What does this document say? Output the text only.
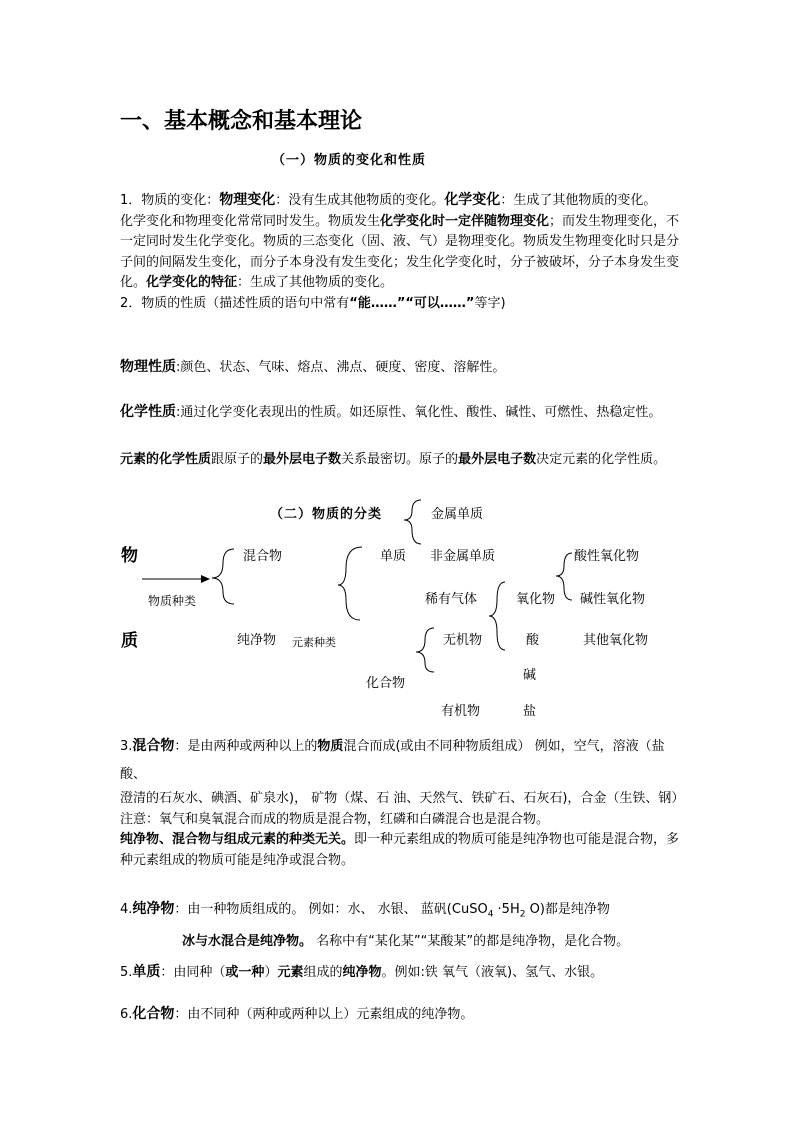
一、基本概念和基本理论
（一）物质的变化和性质

1．物质的变化：物理变化：没有生成其他物质的变化。化学变化：生成了其他物质的变化。

化学变化和物理变化常常同时发生。物质发生化学变化时一定伴随物理变化；而发生物理变化，不一定同时发生化学变化。物质的三态变化（固、液、气）是物理变化。物质发生物理变化时只是分子间的间隔发生变化，而分子本身没有发生变化；发生化学变化时，分子被破坏，分子本身发生变化。化学变化的特征：生成了其他物质的变化。

2．物质的性质（描述性质的语句中常有“能……”“可以……”等字)

物理性质:颜色、状态、气味、熔点、沸点、硬度、密度、溶解性。

化学性质:通过化学变化表现出的性质。如还原性、氧化性、酸性、碱性、可燃性、热稳定性。

元素的化学性质跟原子的最外层电子数关系最密切。原子的最外层电子数决定元素的化学性质。

（二）物质的分类
物
质
物质种类
混合物
纯净物 元素种类
单质
化合物
金属单质
非金属单质
稀有气体
无机物
有机物
氧化物
酸
碱
盐
酸性氧化物
碱性氧化物
其他氧化物

3.混合物：是由两种或两种以上的物质混合而成(或由不同种物质组成） 例如，空气，溶液（盐酸、

澄清的石灰水、碘酒、矿泉水)， 矿物（煤、石 油、天然气、铁矿石、石灰石)，合金（生铁、钢）

注意：氧气和臭氧混合而成的物质是混合物，红磷和白磷混合也是混合物。

纯净物、混合物与组成元素的种类无关。即一种元素组成的物质可能是纯净物也可能是混合物，多种元素组成的物质可能是纯净或混合物。

4.纯净物：由一种物质组成的。 例如：水、 水银、 蓝矾(CuSO$_4$ $\cdot 5H_2$ O)都是纯净物
冰与水混合是纯净物。 名称中有“某化某”“某酸某”的都是纯净物，是化合物。
5.单质：由同种（或一种）元素组成的纯净物。例如:铁 氧气（液氧)、氢气、水银。
6.化合物：由不同种（两种或两种以上）元素组成的纯净物。
